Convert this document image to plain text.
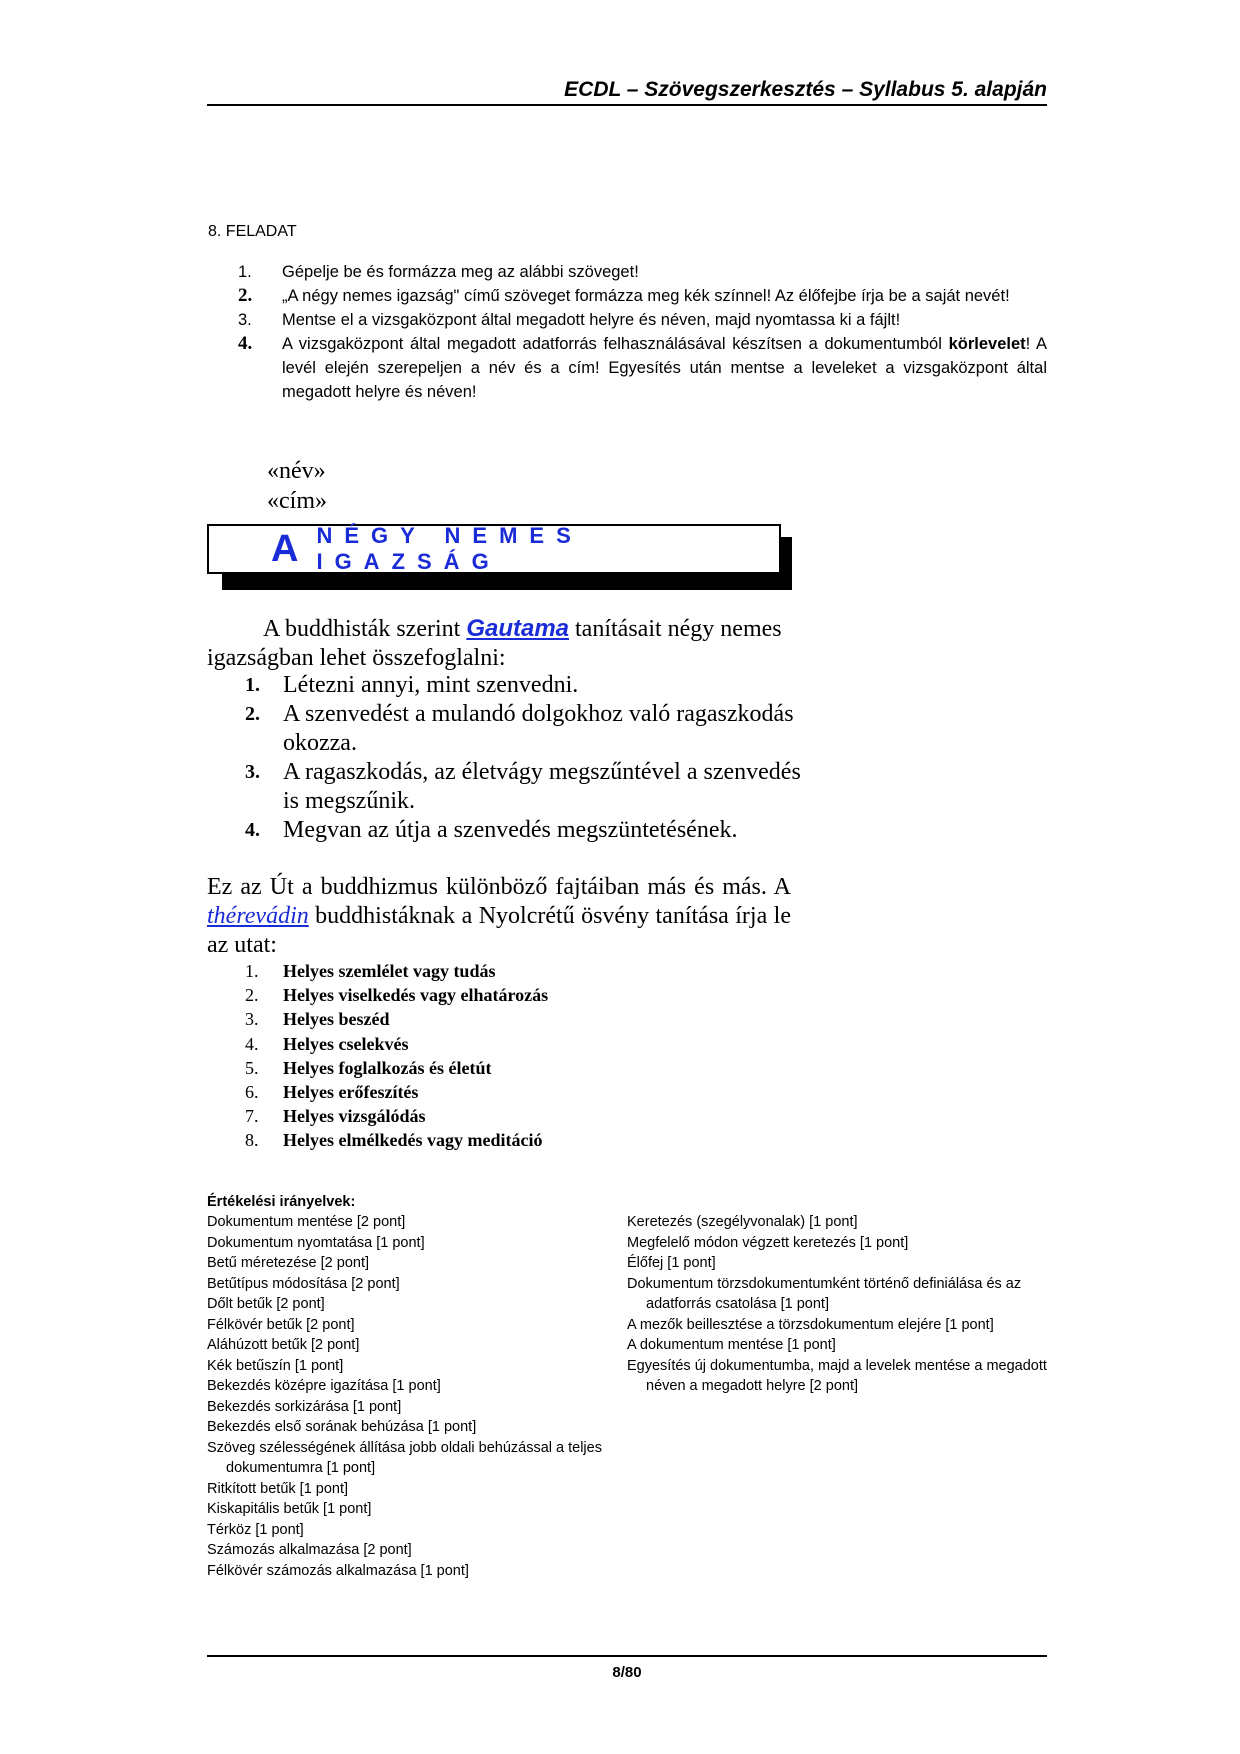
ECDL – Szövegszerkesztés – Syllabus 5. alapján
8. FELADAT
1.	Gépelje be és formázza meg az alábbi szöveget!
2.	„A négy nemes igazság" című szöveget formázza meg kék színnel! Az élőfejbe írja be a saját nevét!
3.	Mentse el a vizsgaközpont által megadott helyre és néven, majd nyomtassa ki a fájlt!
4.	A vizsgaközpont által megadott adatforrás felhasználásával készítsen a dokumentumból körlevelet! A levél elején szerepeljen a név és a cím! Egyesítés után mentse a leveleket a vizsgaközpont által megadott helyre és néven!
«név»
«cím»
A NÉGY NEMES IGAZSÁG
A buddhisták szerint Gautama tanításait négy nemes igazságban lehet összefoglalni:
1. Létezni annyi, mint szenvedni.
2. A szenvedést a mulandó dolgokhoz való ragaszkodás okozza.
3. A ragaszkodás, az életvágy megszűntével a szenvedés is megszűnik.
4. Megvan az útja a szenvedés megszüntetésének.
Ez az Út a buddhizmus különböző fajtáiban más és más. A thérevádin buddhistáknak a Nyolcrétű ösvény tanítása írja le az utat:
1.	Helyes szemlélet vagy tudás
2.	Helyes viselkedés vagy elhatározás
3.	Helyes beszéd
4.	Helyes cselekvés
5.	Helyes foglalkozás és életút
6.	Helyes erőfeszítés
7.	Helyes vizsgálódás
8.	Helyes elmélkedés vagy meditáció
Értékelési irányelvek:
Dokumentum mentése [2 pont]
Dokumentum nyomtatása [1 pont]
Betű méretezése [2 pont]
Betűtípus módosítása [2 pont]
Dőlt betűk [2 pont]
Félkövér betűk [2 pont]
Aláhúzott betűk [2 pont]
Kék betűszín [1 pont]
Bekezdés középre igazítása [1 pont]
Bekezdés sorkizárása [1 pont]
Bekezdés első sorának behúzása [1 pont]
Szöveg szélességének állítása jobb oldali behúzással a teljes dokumentumra [1 pont]
Ritkított betűk [1 pont]
Kiskapitális betűk [1 pont]
Térköz [1 pont]
Számozás alkalmazása [2 pont]
Félkövér számozás alkalmazása [1 pont]
Keretezés (szegélyvonalak) [1 pont]
Megfelelő módon végzett keretezés [1 pont]
Élőfej [1 pont]
Dokumentum törzsdokumentumként történő definiálása és az adatforrás csatolása [1 pont]
A mezők beillesztése a törzsdokumentum elejére [1 pont]
A dokumentum mentése [1 pont]
Egyesítés új dokumentumba, majd a levelek mentése a megadott néven a megadott helyre [2 pont]
8/80
